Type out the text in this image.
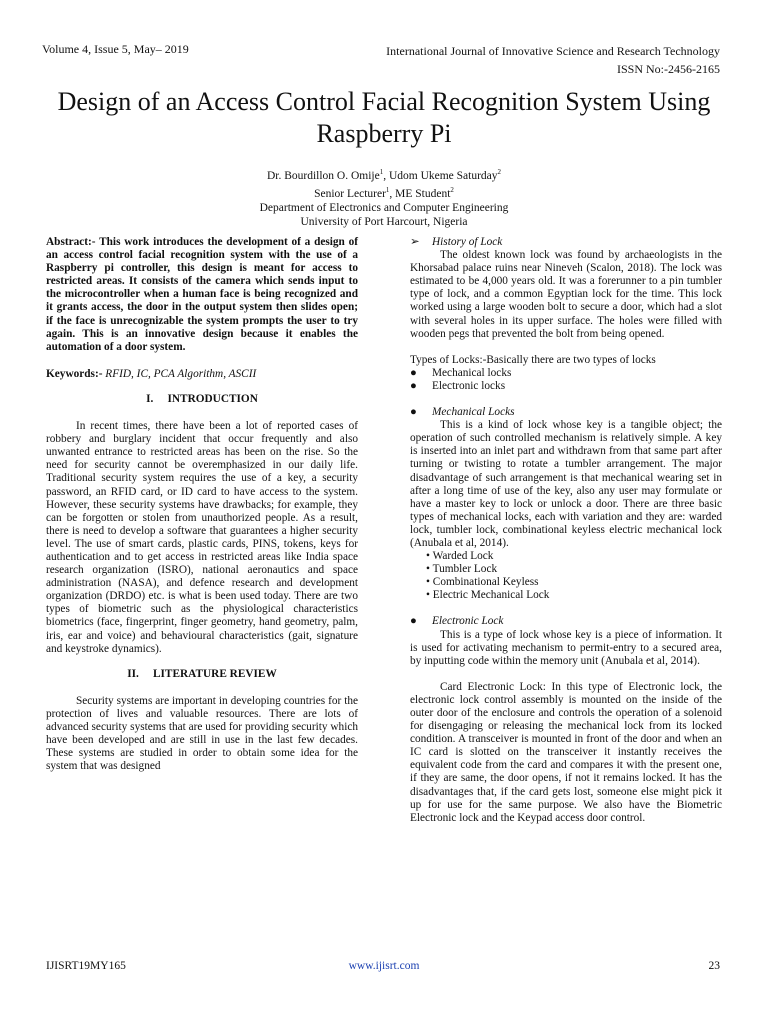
Volume 4, Issue 5, May– 2019	International Journal of Innovative Science and Research Technology
ISSN No:-2456-2165
Design of an Access Control Facial Recognition System Using Raspberry Pi
Dr. Bourdillon O. Omije$^1$, Udom Ukeme Saturday$^2$
Senior Lecturer$^1$, ME Student$^2$
Department of Electronics and Computer Engineering
University of Port Harcourt, Nigeria

Abstract:- This work introduces the development of a design of an access control facial recognition system with the use of a Raspberry pi controller, this design is meant for access to restricted areas. It consists of the camera which sends input to the microcontroller when a human face is being recognized and it grants access, the door in the output system then slides open; if the face is unrecognizable the system prompts the user to try again. This is an innovative design because it enables the automation of a door system.

Keywords:- RFID, IC, PCA Algorithm, ASCII

I. INTRODUCTION

In recent times, there have been a lot of reported cases of robbery and burglary incident that occur frequently and also unwanted entrance to restricted areas has been on the rise. So the need for security cannot be overemphasized in our daily life. Traditional security system requires the use of a key, a security password, an RFID card, or ID card to have access to the system. However, these security systems have drawbacks; for example, they can be forgotten or stolen from unauthorized people. As a result, there is need to develop a software that guarantees a higher security level. The use of smart cards, plastic cards, PINS, tokens, keys for authentication and to get access in restricted areas like India space research organization (ISRO), national aeronautics and space administration (NASA), and defence research and development organization (DRDO) etc. is what is been used today. There are two types of biometric such as the physiological characteristics biometrics (face, fingerprint, finger geometry, hand geometry, palm, iris, ear and voice) and behavioural characteristics (gait, signature and keystroke dynamics).

II. LITERATURE REVIEW

Security systems are important in developing countries for the protection of lives and valuable resources. There are lots of advanced security systems that are used for providing security which have been developed and are still in use in the last few decades. These systems are studied in order to obtain some idea for the system that was designed

➢	History of Lock

The oldest known lock was found by archaeologists in the Khorsabad palace ruins near Nineveh (Scalon, 2018). The lock was estimated to be 4,000 years old. It was a forerunner to a pin tumbler type of lock, and a common Egyptian lock for the time. This lock worked using a large wooden bolt to secure a door, which had a slot with several holes in its upper surface. The holes were filled with wooden pegs that prevented the bolt from being opened.

Types of Locks:-Basically there are two types of locks

●	Mechanical locks
●	Electronic locks
●	Mechanical Locks

This is a kind of lock whose key is a tangible object; the operation of such controlled mechanism is relatively simple. A key is inserted into an inlet part and withdrawn from that same part after turning or twisting to rotate a tumbler arrangement. The major disadvantage of such arrangement is that mechanical wearing set in after a long time of use of the key, also any user may formulate or have a master key to lock or unlock a door. There are three basic types of mechanical locks, each with variation and they are: warded lock, tumbler lock, combinational keyless electric mechanical lock (Anubala et al, 2014).

• Warded Lock
• Tumbler Lock
• Combinational Keyless
• Electric Mechanical Lock
●	Electronic Lock

This is a type of lock whose key is a piece of information. It is used for activating mechanism to permit-entry to a secured area, by inputting code within the memory unit (Anubala et al, 2014).

Card Electronic Lock: In this type of Electronic lock, the electronic lock control assembly is mounted on the inside of the outer door of the enclosure and controls the operation of a solenoid for disengaging or releasing the mechanical lock from its locked condition. A transceiver is mounted in front of the door and when an IC card is slotted on the transceiver it instantly receives the equivalent code from the card and compares it with the present one, if they are same, the door opens, if not it remains locked. It has the disadvantages that, if the card gets lost, someone else might pick it up for use for the same purpose. We also have the Biometric Electronic lock and the Keypad access door control.

IJISRT19MY165	www.ijisrt.com	23
